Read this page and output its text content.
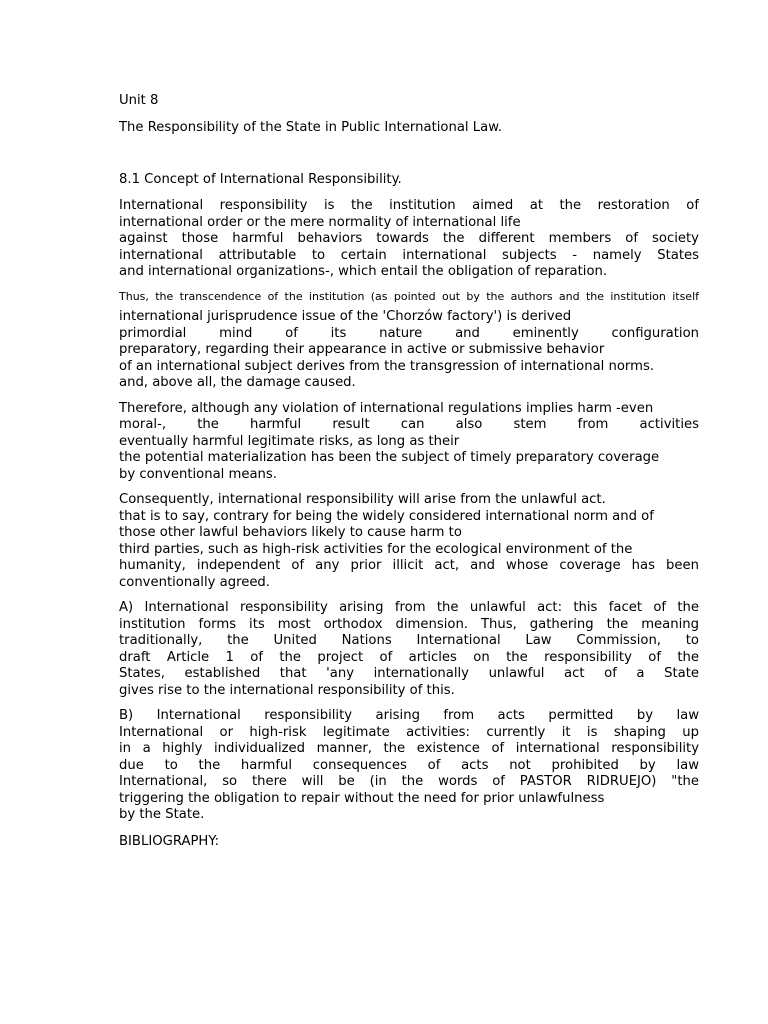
Unit 8
The Responsibility of the State in Public International Law.
8.1 Concept of International Responsibility.
International responsibility is the institution aimed at the restoration of
international order or the mere normality of international life
against those harmful behaviors towards the different members of society
international attributable to certain international subjects - namely States
and international organizations-, which entail the obligation of reparation.
Thus, the transcendence of the institution (as pointed out by the authors and the institution itself
international jurisprudence issue of the 'Chorzów factory') is derived
primordial mind of its nature and eminently configuration
preparatory, regarding their appearance in active or submissive behavior
of an international subject derives from the transgression of international norms.
and, above all, the damage caused.
Therefore, although any violation of international regulations implies harm -even
moral-, the harmful result can also stem from activities
eventually harmful legitimate risks, as long as their
the potential materialization has been the subject of timely preparatory coverage
by conventional means.
Consequently, international responsibility will arise from the unlawful act.
that is to say, contrary for being the widely considered international norm and of
those other lawful behaviors likely to cause harm to
third parties, such as high-risk activities for the ecological environment of the
humanity, independent of any prior illicit act, and whose coverage has been
conventionally agreed.
A) International responsibility arising from the unlawful act: this facet of the
institution forms its most orthodox dimension. Thus, gathering the meaning
traditionally, the United Nations International Law Commission, to
draft Article 1 of the project of articles on the responsibility of the
States, established that 'any internationally unlawful act of a State
gives rise to the international responsibility of this.
B) International responsibility arising from acts permitted by law
International or high-risk legitimate activities: currently it is shaping up
in a highly individualized manner, the existence of international responsibility
due to the harmful consequences of acts not prohibited by law
International, so there will be (in the words of PASTOR RIDRUEJO) "the
triggering the obligation to repair without the need for prior unlawfulness
by the State.
BIBLIOGRAPHY:
